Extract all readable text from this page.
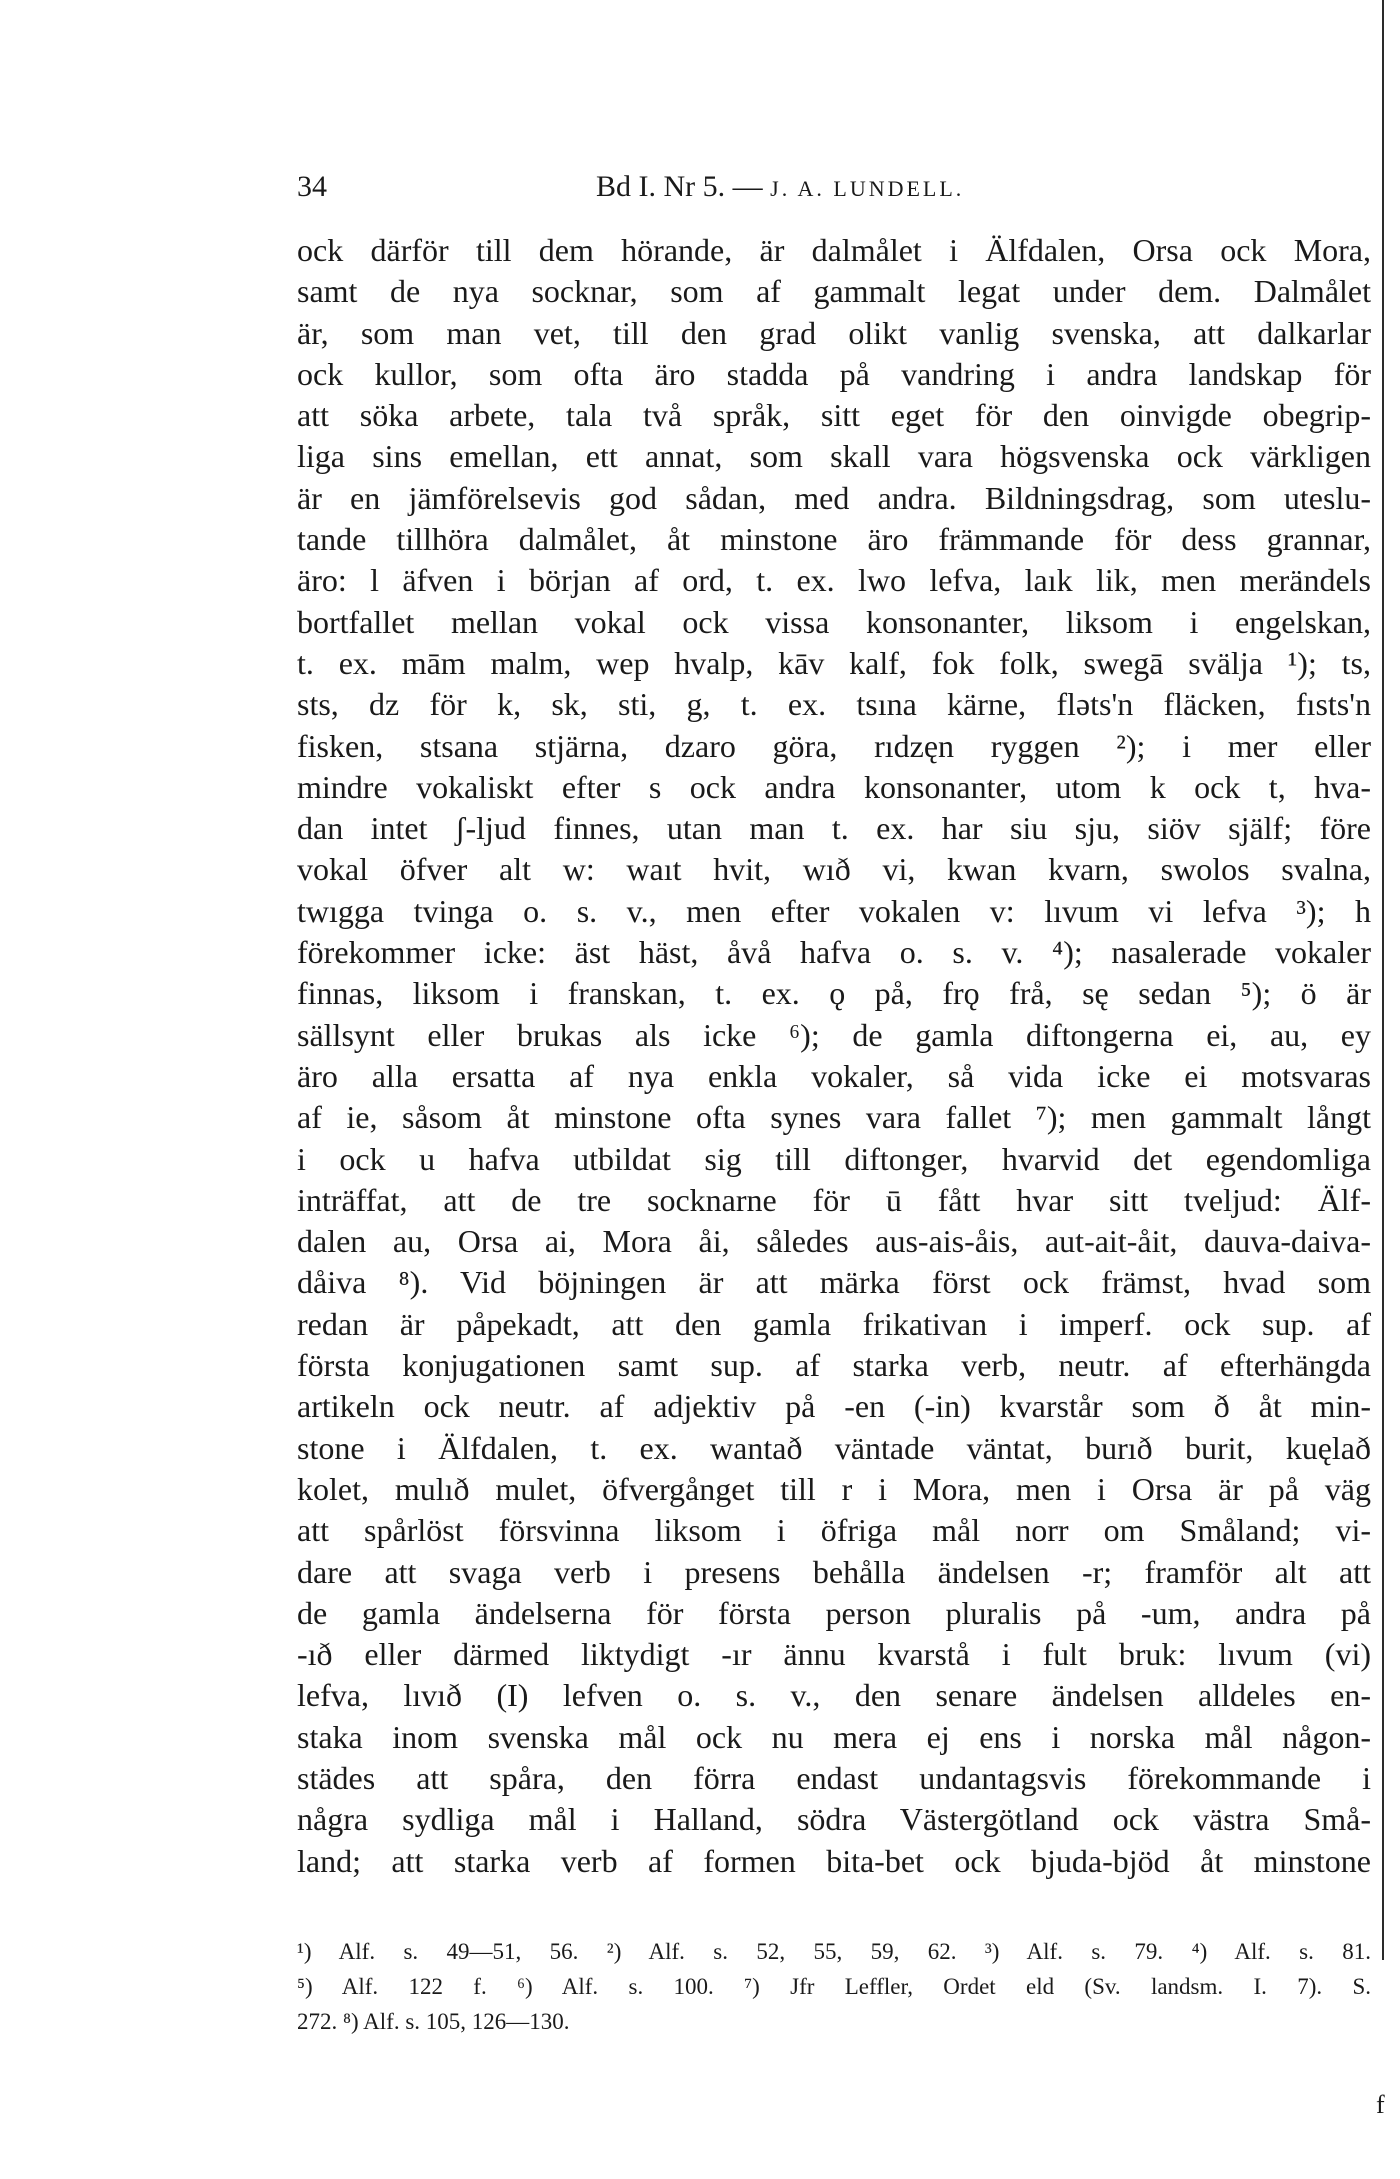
34	Bd I. Nr 5. — J. A. LUNDELL.
ock därför till dem hörande, är dalmålet i Älfdalen, Orsa ock Mora,
samt de nya socknar, som af gammalt legat under dem. Dalmålet
är, som man vet, till den grad olikt vanlig svenska, att dalkarlar
ock kullor, som ofta äro stadda på vandring i andra landskap för
att söka arbete, tala två språk, sitt eget för den oinvigde obegrip-
liga sins emellan, ett annat, som skall vara högsvenska ock värkligen
är en jämförelsevis god sådan, med andra. Bildningsdrag, som uteslu-
tande tillhöra dalmålet, åt minstone äro främmande för dess grannar,
äro: l äfven i början af ord, t. ex. lwo lefva, laık lik, men merändels
bortfallet mellan vokal ock vissa konsonanter, liksom i engelskan,
t. ex. mām malm, wep hvalp, kāv kalf, fok folk, swegā svälja ¹); ts,
sts, dz för k, sk, sti, g, t. ex. tsına kärne, fləts'n fläcken, fısts'n
fisken, stsana stjärna, dzaro göra, rıdzęn ryggen ²); i mer eller
mindre vokaliskt efter s ock andra konsonanter, utom k ock t, hva-
dan intet ʃ-ljud finnes, utan man t. ex. har siu sju, siöv själf; före
vokal öfver alt w: waıt hvit, wıð vi, kwan kvarn, swolos svalna,
twıgga tvinga o. s. v., men efter vokalen v: lıvum vi lefva ³); h
förekommer icke: äst häst, åvå hafva o. s. v. ⁴); nasalerade vokaler
finnas, liksom i franskan, t. ex. ǫ på, frǫ frå, sę sedan ⁵); ö är
sällsynt eller brukas als icke ⁶); de gamla diftongerna ei, au, ey
äro alla ersatta af nya enkla vokaler, så vida icke ei motsvaras
af ie, såsom åt minstone ofta synes vara fallet ⁷); men gammalt långt
i ock u hafva utbildat sig till diftonger, hvarvid det egendomliga
inträffat, att de tre socknarne för ū fått hvar sitt tveljud: Älf-
dalen au, Orsa ai, Mora åi, således aus-ais-åis, aut-ait-åit, dauva-daiva-
dåiva ⁸). Vid böjningen är att märka först ock främst, hvad som
redan är påpekadt, att den gamla frikativan i imperf. ock sup. af
första konjugationen samt sup. af starka verb, neutr. af efterhängda
artikeln ock neutr. af adjektiv på -en (-in) kvarstår som ð åt min-
stone i Älfdalen, t. ex. wantað väntade väntat, burıð burit, kuęlað
kolet, mulıð mulet, öfvergånget till r i Mora, men i Orsa är på väg
att spårlöst försvinna liksom i öfriga mål norr om Småland; vi-
dare att svaga verb i presens behålla ändelsen -r; framför alt att
de gamla ändelserna för första person pluralis på -um, andra på
-ıð eller därmed liktydigt -ır ännu kvarstå i fult bruk: lıvum (vi)
lefva, lıvıð (I) lefven o. s. v., den senare ändelsen alldeles en-
staka inom svenska mål ock nu mera ej ens i norska mål någon-
städes att spåra, den förra endast undantagsvis förekommande i
några sydliga mål i Halland, södra Västergötland ock västra Små-
land; att starka verb af formen bita-bet ock bjuda-bjöd åt minstone
¹) Alf. s. 49—51, 56. ²) Alf. s. 52, 55, 59, 62. ³) Alf. s. 79. ⁴) Alf. s. 81.
⁵) Alf. 122 f. ⁶) Alf. s. 100. ⁷) Jfr Leffler, Ordet eld (Sv. landsm. I. 7). S.
272. ⁸) Alf. s. 105, 126—130.
f
